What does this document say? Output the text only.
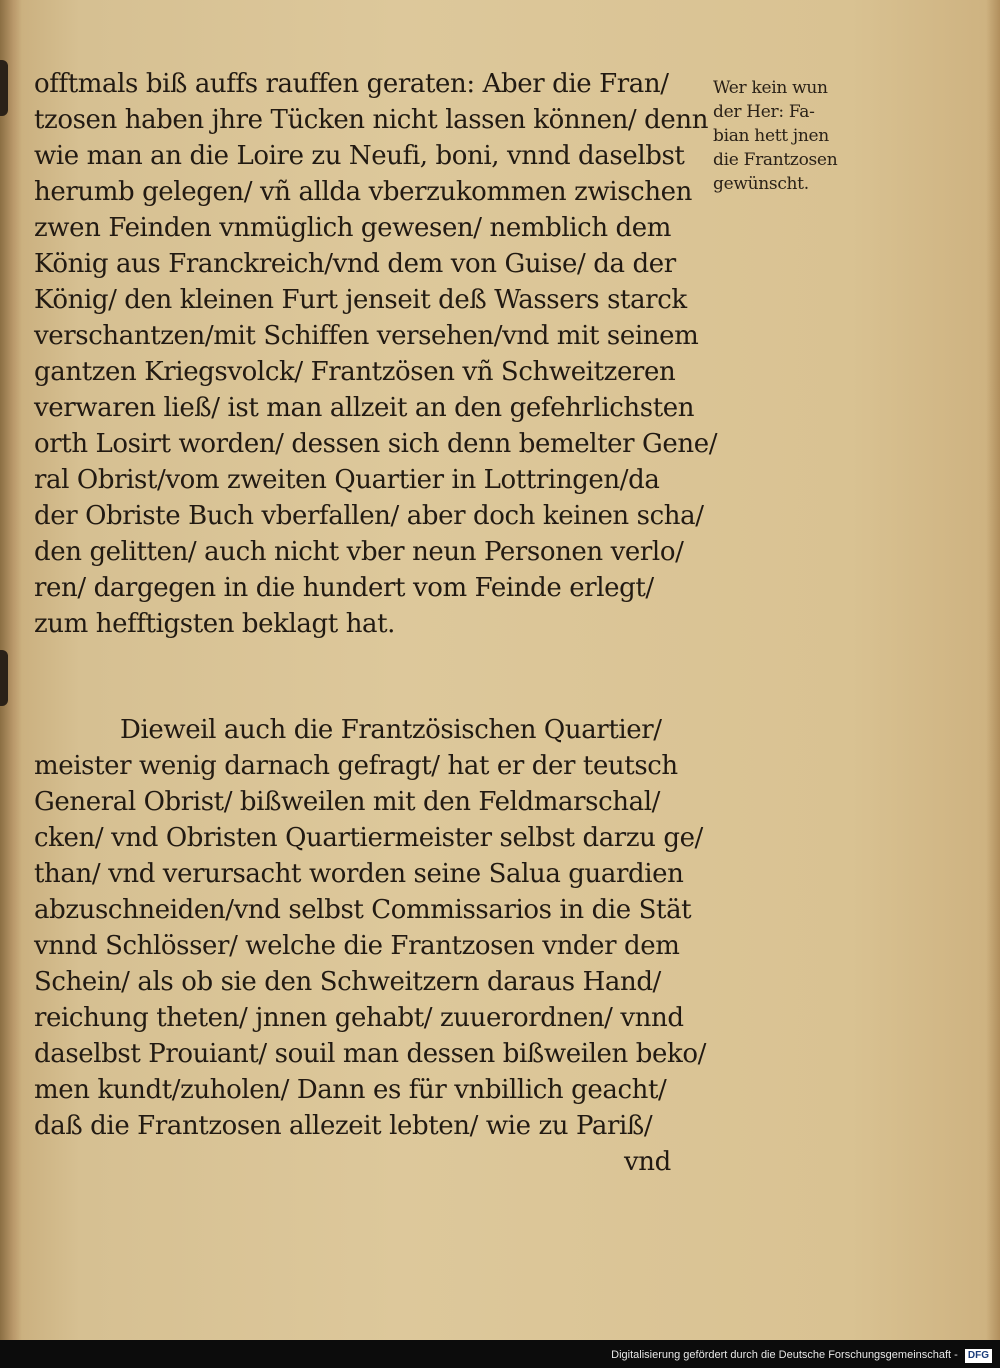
offtmals biß auffs rauffen geraten: Aber die Fran/
tzosen haben jhre Tücken nicht lassen können/ denn
wie man an die Loire zu Neufi, boni, vnnd daselbst
herumb gelegen/ vñ allda vberzukommen zwischen
zwen Feinden vnmüglich gewesen/ nemblich dem
König aus Franckreich/vnd dem von Guise/ da der
König/ den kleinen Furt jenseit deß Wassers starck
verschantzen/mit Schiffen versehen/vnd mit seinem
gantzen Kriegsvolck/ Frantzösen vñ Schweitzeren
verwaren ließ/ ist man allzeit an den gefehrlichsten
orth Losirt worden/ dessen sich denn bemelter Gene/
ral Obrist/vom zweiten Quartier in Lottringen/da
der Obriste Buch vberfallen/ aber doch keinen scha/
den gelitten/ auch nicht vber neun Personen verlo/
ren/ dargegen in die hundert vom Feinde erlegt/
zum hefftigsten beklagt hat.
Wer kein wun
der Her: Fa-
bian hett jnen
die Frantzosen
gewünscht.
Dieweil auch die Frantzösischen Quartier/
meister wenig darnach gefragt/ hat er der teutsch
General Obrist/ bißweilen mit den Feldmarschal/
cken/ vnd Obristen Quartiermeister selbst darzu ge/
than/ vnd verursacht worden seine Salua guardien
abzuschneiden/vnd selbst Commissarios in die Stät
vnnd Schlösser/ welche die Frantzosen vnder dem
Schein/ als ob sie den Schweitzern daraus Hand/
reichung theten/ jnnen gehabt/ zuuerordnen/ vnnd
daselbst Prouiant/ souil man dessen bißweilen beko/
men kundt/zuholen/ Dann es für vnbillich geacht/
daß die Frantzosen allezeit lebten/ wie zu Pariß/
vnd
Digitalisierung gefördert durch die Deutsche Forschungsgemeinschaft - DFG
